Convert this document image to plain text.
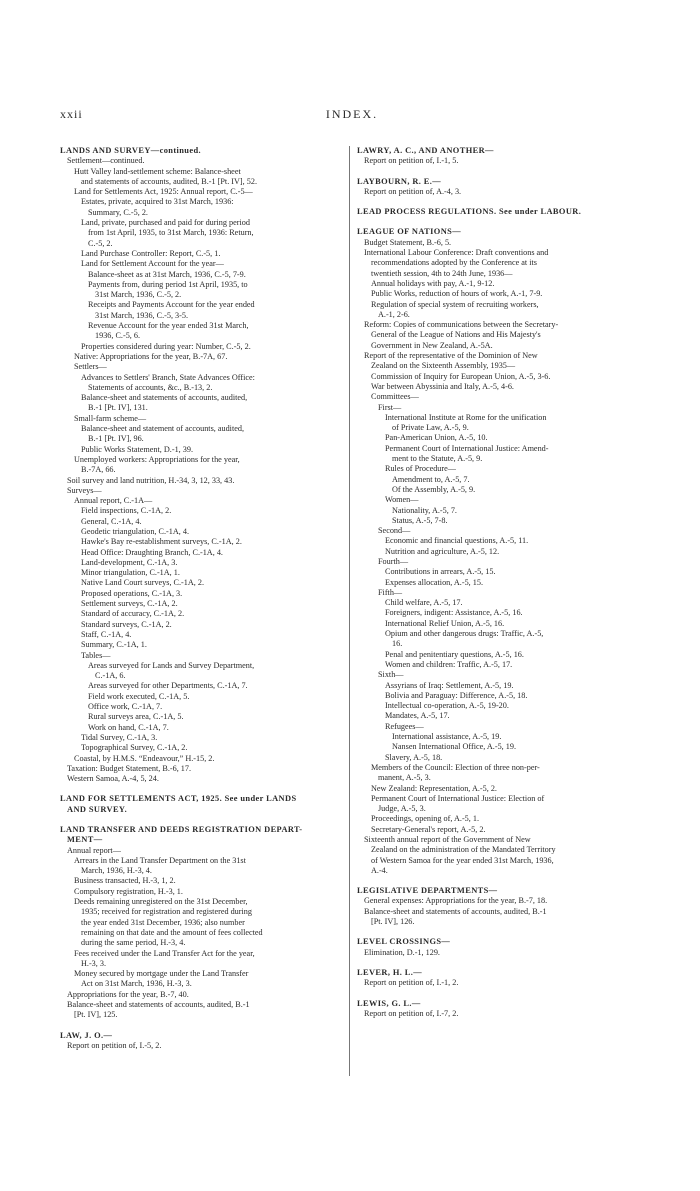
xxii	INDEX.
LANDS AND SURVEY—continued.
Settlement—continued.
Hutt Valley land-settlement scheme: Balance-sheet
and statements of accounts, audited, B.-1 [Pt. IV], 52.
Land for Settlements Act, 1925: Annual report, C.-5—
Estates, private, acquired to 31st March, 1936:
Summary, C.-5, 2.
Land, private, purchased and paid for during period
from 1st April, 1935, to 31st March, 1936: Return,
C.-5, 2.
Land Purchase Controller: Report, C.-5, 1.
Land for Settlement Account for the year—
Balance-sheet as at 31st March, 1936, C.-5, 7-9.
Payments from, during period 1st April, 1935, to
31st March, 1936, C.-5, 2.
Receipts and Payments Account for the year ended
31st March, 1936, C.-5, 3-5.
Revenue Account for the year ended 31st March,
1936, C.-5, 6.
Properties considered during year: Number, C.-5, 2.
Native: Appropriations for the year, B.-7A, 67.
Settlers—
Advances to Settlers' Branch, State Advances Office:
Statements of accounts, &c., B.-13, 2.
Balance-sheet and statements of accounts, audited,
B.-1 [Pt. IV], 131.
Small-farm scheme—
Balance-sheet and statement of accounts, audited,
B.-1 [Pt. IV], 96.
Public Works Statement, D.-1, 39.
Unemployed workers: Appropriations for the year,
B.-7A, 66.
Soil survey and land nutrition, H.-34, 3, 12, 33, 43.
Surveys—
Annual report, C.-1A—
Field inspections, C.-1A, 2.
General, C.-1A, 4.
Geodetic triangulation, C.-1A, 4.
Hawke's Bay re-establishment surveys, C.-1A, 2.
Head Office: Draughting Branch, C.-1A, 4.
Land-development, C.-1A, 3.
Minor triangulation, C.-1A, 1.
Native Land Court surveys, C.-1A, 2.
Proposed operations, C.-1A, 3.
Settlement surveys, C.-1A, 2.
Standard of accuracy, C.-1A, 2.
Standard surveys, C.-1A, 2.
Staff, C.-1A, 4.
Summary, C.-1A, 1.
Tables—
Areas surveyed for Lands and Survey Department,
C.-1A, 6.
Areas surveyed for other Departments, C.-1A, 7.
Field work executed, C.-1A, 5.
Office work, C.-1A, 7.
Rural surveys area, C.-1A, 5.
Work on hand, C.-1A, 7.
Tidal Survey, C.-1A, 3.
Topographical Survey, C.-1A, 2.
Coastal, by H.M.S. “Endeavour,” H.-15, 2.
Taxation: Budget Statement, B.-6, 17.
Western Samoa, A.-4, 5, 24.
LAND FOR SETTLEMENTS ACT, 1925. See under LANDS
AND SURVEY.
LAND TRANSFER AND DEEDS REGISTRATION DEPART-
MENT—
Annual report—
Arrears in the Land Transfer Department on the 31st
March, 1936, H.-3, 4.
Business transacted, H.-3, 1, 2.
Compulsory registration, H.-3, 1.
Deeds remaining unregistered on the 31st December,
1935; received for registration and registered during
the year ended 31st December, 1936; also number
remaining on that date and the amount of fees collected
during the same period, H.-3, 4.
Fees received under the Land Transfer Act for the year,
H.-3, 3.
Money secured by mortgage under the Land Transfer
Act on 31st March, 1936, H.-3, 3.
Appropriations for the year, B.-7, 40.
Balance-sheet and statements of accounts, audited, B.-1
[Pt. IV], 125.
LAW, J. O.—
Report on petition of, I.-5, 2.
LAWRY, A. C., AND ANOTHER—
Report on petition of, I.-1, 5.
LAYBOURN, R. E.—
Report on petition of, A.-4, 3.
LEAD PROCESS REGULATIONS. See under LABOUR.
LEAGUE OF NATIONS—
Budget Statement, B.-6, 5.
International Labour Conference: Draft conventions and
recommendations adopted by the Conference at its
twentieth session, 4th to 24th June, 1936—
Annual holidays with pay, A.-1, 9-12.
Public Works, reduction of hours of work, A.-1, 7-9.
Regulation of special system of recruiting workers,
A.-1, 2-6.
Reform: Copies of communications between the Secretary-
General of the League of Nations and His Majesty's
Government in New Zealand, A.-5A.
Report of the representative of the Dominion of New
Zealand on the Sixteenth Assembly, 1935—
Commission of Inquiry for European Union, A.-5, 3-6.
War between Abyssinia and Italy, A.-5, 4-6.
Committees—
First—
International Institute at Rome for the unification
of Private Law, A.-5, 9.
Pan-American Union, A.-5, 10.
Permanent Court of International Justice: Amend-
ment to the Statute, A.-5, 9.
Rules of Procedure—
Amendment to, A.-5, 7.
Of the Assembly, A.-5, 9.
Women—
Nationality, A.-5, 7.
Status, A.-5, 7-8.
Second—
Economic and financial questions, A.-5, 11.
Nutrition and agriculture, A.-5, 12.
Fourth—
Contributions in arrears, A.-5, 15.
Expenses allocation, A.-5, 15.
Fifth—
Child welfare, A.-5, 17.
Foreigners, indigent: Assistance, A.-5, 16.
International Relief Union, A.-5, 16.
Opium and other dangerous drugs: Traffic, A.-5,
16.
Penal and penitentiary questions, A.-5, 16.
Women and children: Traffic, A.-5, 17.
Sixth—
Assyrians of Iraq: Settlement, A.-5, 19.
Bolivia and Paraguay: Difference, A.-5, 18.
Intellectual co-operation, A.-5, 19-20.
Mandates, A.-5, 17.
Refugees—
International assistance, A.-5, 19.
Nansen International Office, A.-5, 19.
Slavery, A.-5, 18.
Members of the Council: Election of three non-per-
manent, A.-5, 3.
New Zealand: Representation, A.-5, 2.
Permanent Court of International Justice: Election of
Judge, A.-5, 3.
Proceedings, opening of, A.-5, 1.
Secretary-General's report, A.-5, 2.
Sixteenth annual report of the Government of New
Zealand on the administration of the Mandated Territory
of Western Samoa for the year ended 31st March, 1936,
A.-4.
LEGISLATIVE DEPARTMENTS—
General expenses: Appropriations for the year, B.-7, 18.
Balance-sheet and statements of accounts, audited, B.-1
[Pt. IV], 126.
LEVEL CROSSINGS—
Elimination, D.-1, 129.
LEVER, H. L.—
Report on petition of, I.-1, 2.
LEWIS, G. L.—
Report on petition of, I.-7, 2.
